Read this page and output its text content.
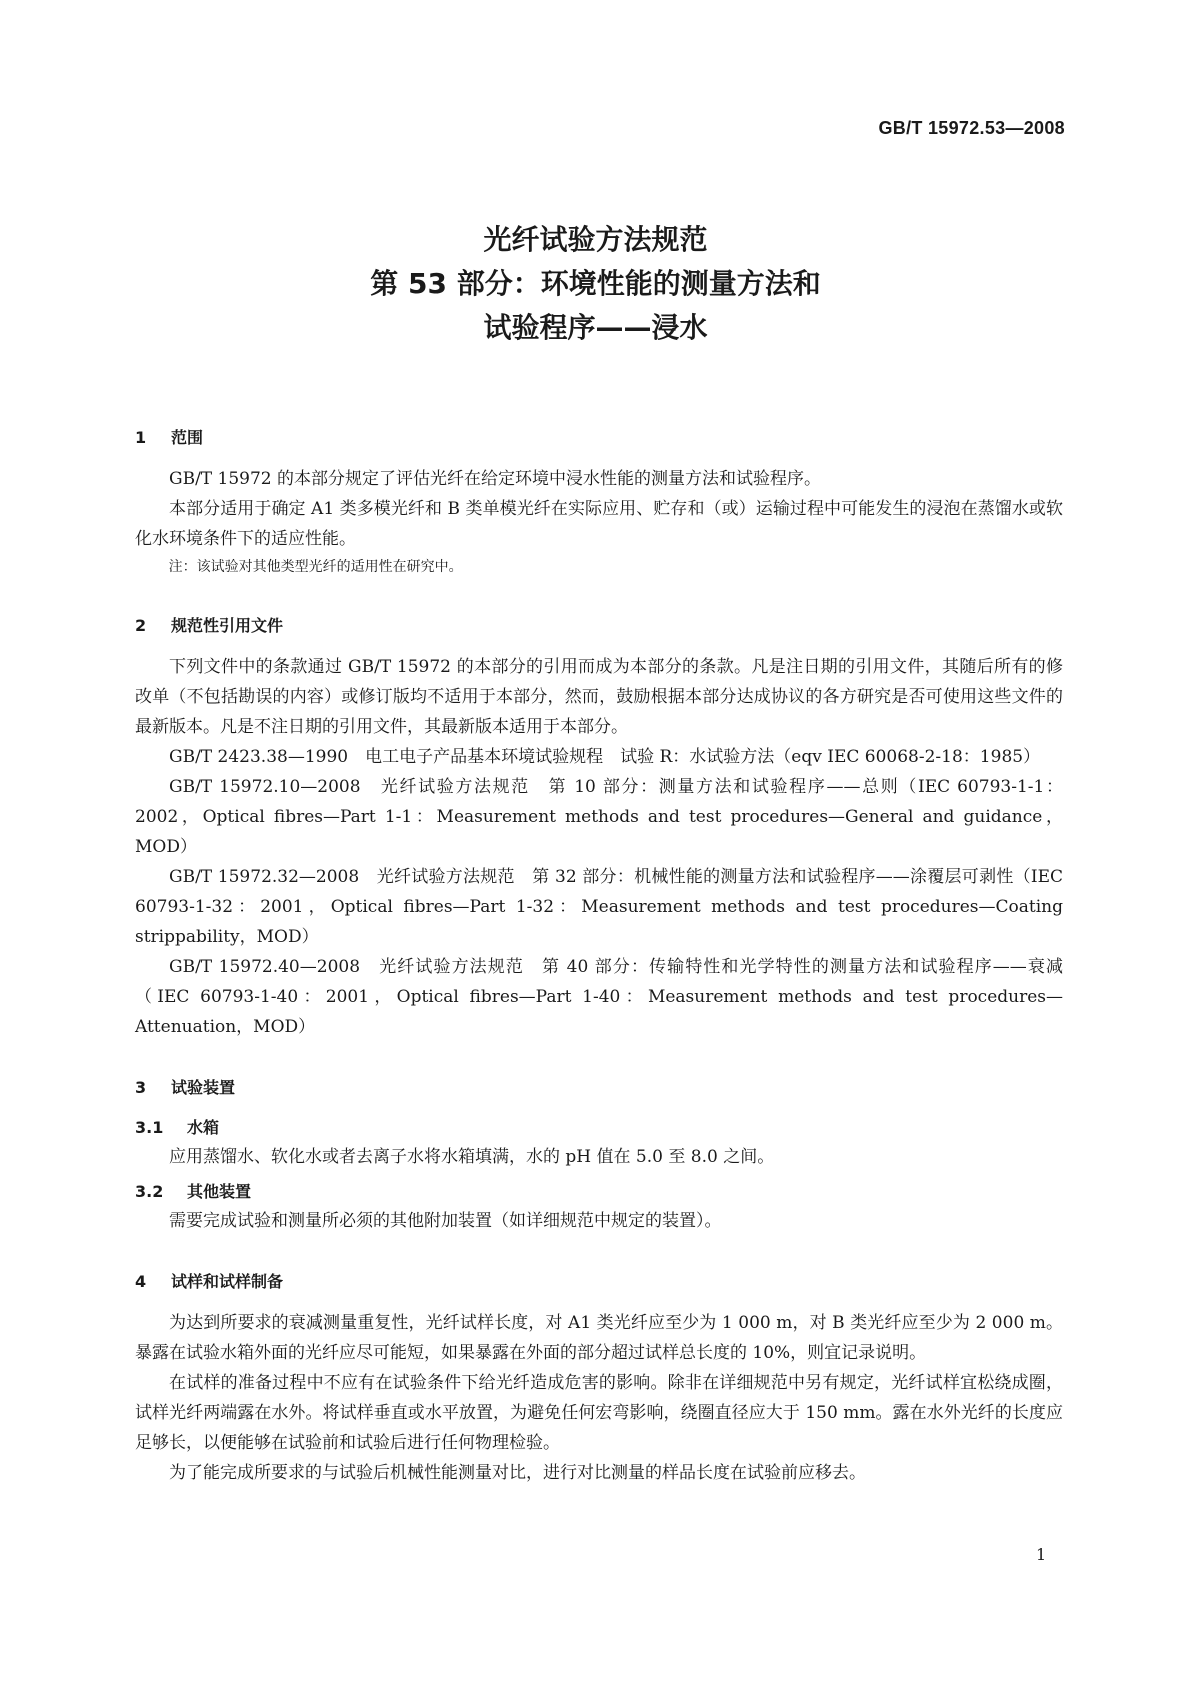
GB/T 15972.53—2008
光纤试验方法规范
第 53 部分：环境性能的测量方法和
试验程序——浸水
1 范围

GB/T 15972 的本部分规定了评估光纤在给定环境中浸水性能的测量方法和试验程序。

本部分适用于确定 A1 类多模光纤和 B 类单模光纤在实际应用、贮存和（或）运输过程中可能发生的浸泡在蒸馏水或软化水环境条件下的适应性能。

注：该试验对其他类型光纤的适用性在研究中。

2 规范性引用文件

下列文件中的条款通过 GB/T 15972 的本部分的引用而成为本部分的条款。凡是注日期的引用文件，其随后所有的修改单（不包括勘误的内容）或修订版均不适用于本部分，然而，鼓励根据本部分达成协议的各方研究是否可使用这些文件的最新版本。凡是不注日期的引用文件，其最新版本适用于本部分。

GB/T 2423.38—1990　电工电子产品基本环境试验规程　试验 R：水试验方法（eqv IEC 60068-2-18：1985）

GB/T 15972.10—2008　光纤试验方法规范　第 10 部分：测量方法和试验程序——总则（IEC 60793-1-1：2002，Optical fibres—Part 1-1：Measurement methods and test procedures—General and guidance，MOD）

GB/T 15972.32—2008　光纤试验方法规范　第 32 部分：机械性能的测量方法和试验程序——涂覆层可剥性（IEC 60793-1-32：2001，Optical fibres—Part 1-32：Measurement methods and test procedures—Coating strippability，MOD）

GB/T 15972.40—2008　光纤试验方法规范　第 40 部分：传输特性和光学特性的测量方法和试验程序——衰减（IEC 60793-1-40：2001，Optical fibres—Part 1-40：Measurement methods and test procedures—Attenuation，MOD）

3 试验装置
3.1 水箱

应用蒸馏水、软化水或者去离子水将水箱填满，水的 pH 值在 5.0 至 8.0 之间。

3.2 其他装置

需要完成试验和测量所必须的其他附加装置（如详细规范中规定的装置）。

4 试样和试样制备

为达到所要求的衰减测量重复性，光纤试样长度，对 A1 类光纤应至少为 1 000 m，对 B 类光纤应至少为 2 000 m。暴露在试验水箱外面的光纤应尽可能短，如果暴露在外面的部分超过试样总长度的 10%，则宜记录说明。

在试样的准备过程中不应有在试验条件下给光纤造成危害的影响。除非在详细规范中另有规定，光纤试样宜松绕成圈，试样光纤两端露在水外。将试样垂直或水平放置，为避免任何宏弯影响，绕圈直径应大于 150 mm。露在水外光纤的长度应足够长，以便能够在试验前和试验后进行任何物理检验。

为了能完成所要求的与试验后机械性能测量对比，进行对比测量的样品长度在试验前应移去。

1
